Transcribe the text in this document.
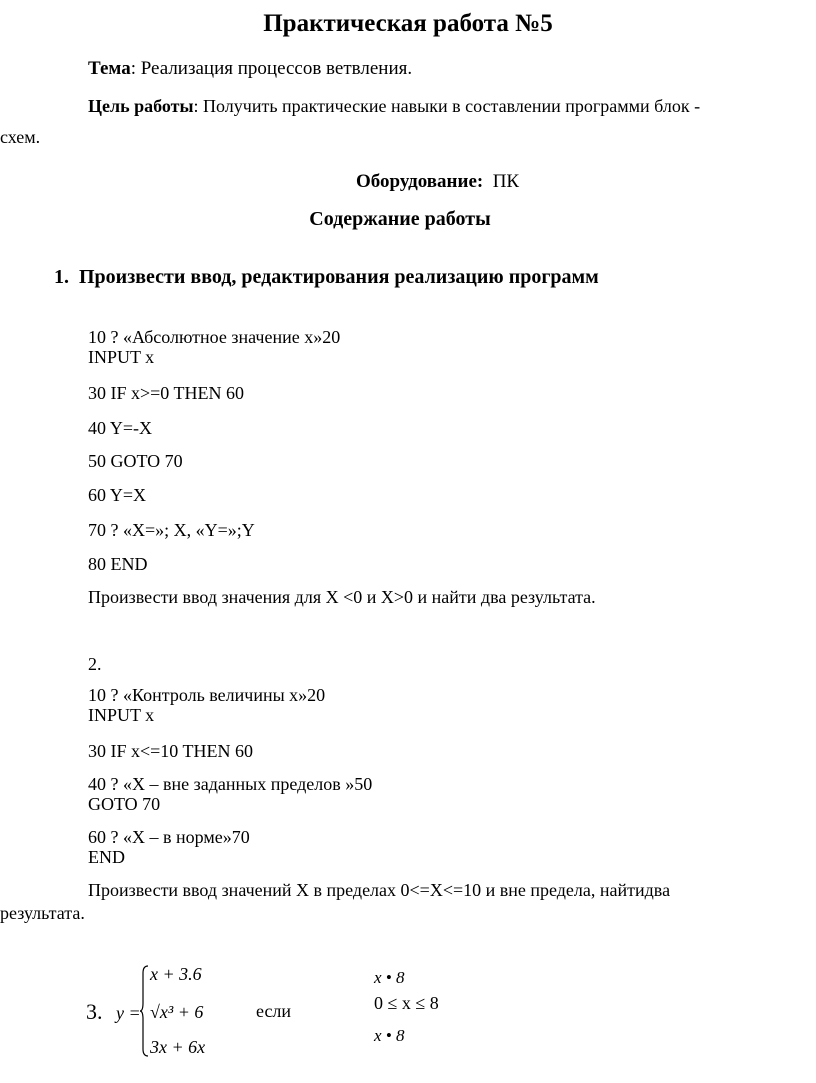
Практическая работа №5
Тема: Реализация процессов ветвления.
Цель работы: Получить практические навыки в составлении программи блок -
схем.
Оборудование: ПК
Содержание работы
1. Произвести ввод, редактирования реализацию программ
10 ? «Абсолютное значение x»20
INPUT x
30 IF x>=0 THEN 60
40 Y=-X
50 GOTO 70
60 Y=X
70 ? «X=»; X, «Y=»;Y
80 END
Произвести ввод значения для X <0 и X>0 и найти два результата.
2.
10 ? «Контроль величины x»20
INPUT x
30 IF x<=10 THEN 60
40 ? «X – вне заданных пределов »50
GOTO 70
60 ? «X – в норме»70
END
Произвести ввод значений X в пределах 0<=X<=10 и вне предела, найтидва
результата.
3. y =
x + 3.6
√x³ + 6
3x + 6x
если
x • 8
0 ≤ x ≤ 8
x • 8
